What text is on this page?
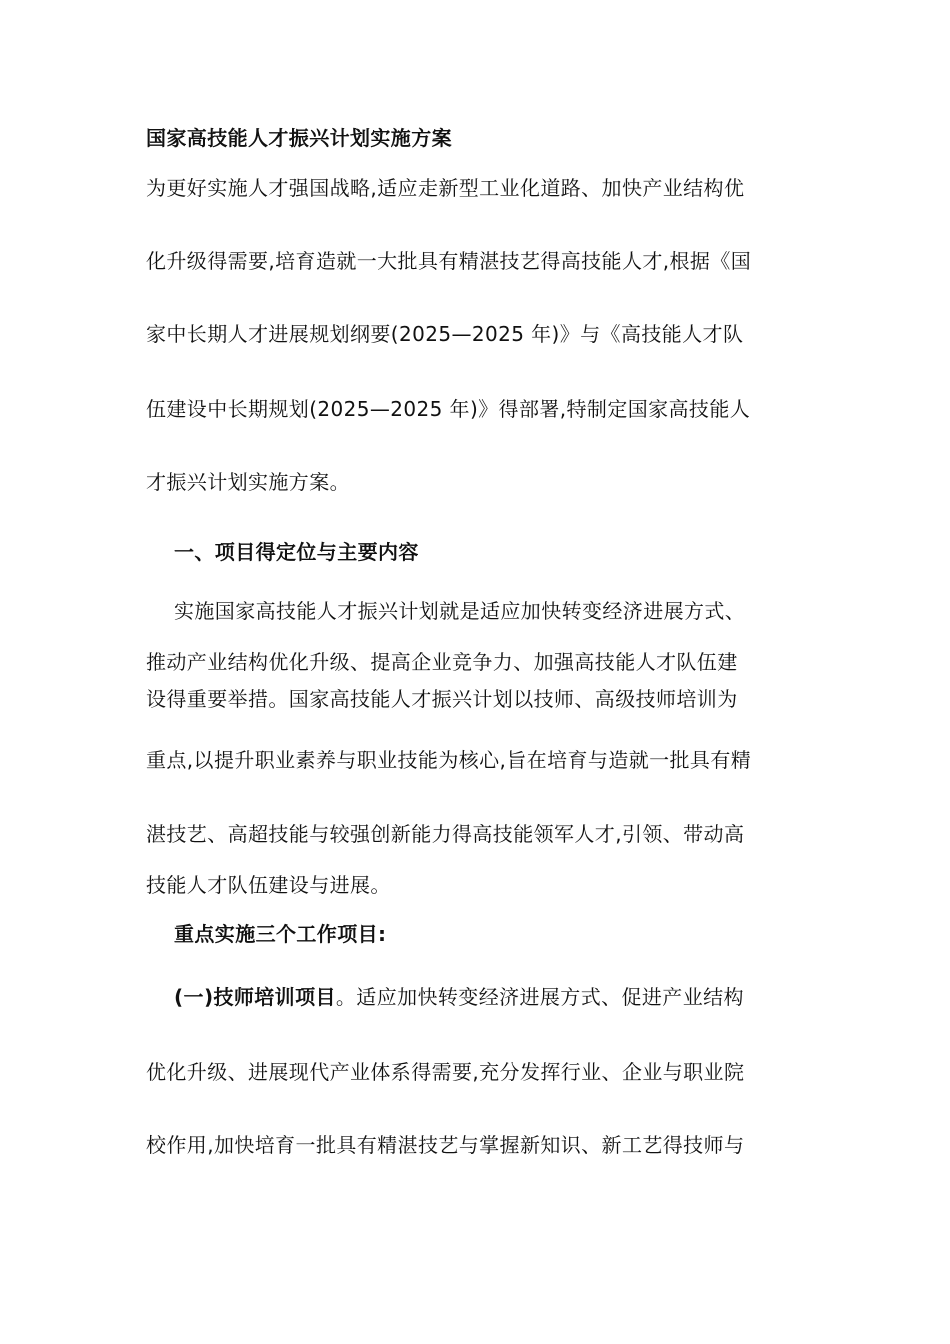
国家高技能人才振兴计划实施方案
为更好实施人才强国战略,适应走新型工业化道路、加快产业结构优
化升级得需要,培育造就一大批具有精湛技艺得高技能人才,根据《国
家中长期人才进展规划纲要(2025—2025 年)》与《高技能人才队
伍建设中长期规划(2025—2025 年)》得部署,特制定国家高技能人
才振兴计划实施方案。
一、项目得定位与主要内容
实施国家高技能人才振兴计划就是适应加快转变经济进展方式、
推动产业结构优化升级、提高企业竞争力、加强高技能人才队伍建
设得重要举措。国家高技能人才振兴计划以技师、高级技师培训为
重点,以提升职业素养与职业技能为核心,旨在培育与造就一批具有精
湛技艺、高超技能与较强创新能力得高技能领军人才,引领、带动高
技能人才队伍建设与进展。
重点实施三个工作项目:
(一)技师培训项目。适应加快转变经济进展方式、促进产业结构
优化升级、进展现代产业体系得需要,充分发挥行业、企业与职业院
校作用,加快培育一批具有精湛技艺与掌握新知识、新工艺得技师与
